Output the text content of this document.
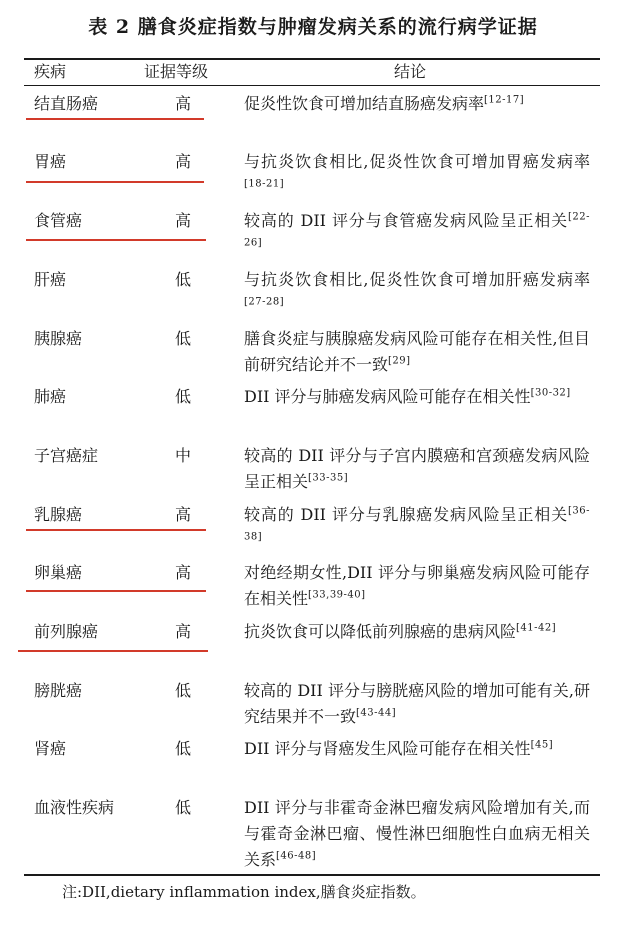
表 2 膳食炎症指数与肿瘤发病关系的流行病学证据
疾病	证据等级	结论
结直肠癌	高	促炎性饮食可增加结直肠癌发病率[12-17]
胃癌	高	与抗炎饮食相比,促炎性饮食可增加胃癌发病率[18-21]
食管癌	高	较高的 DII 评分与食管癌发病风险呈正相关[22-26]
肝癌	低	与抗炎饮食相比,促炎性饮食可增加肝癌发病率[27-28]
胰腺癌	低	膳食炎症与胰腺癌发病风险可能存在相关性,但目前研究结论并不一致[29]
肺癌	低	DII 评分与肺癌发病风险可能存在相关性[30-32]
子宫癌症	中	较高的 DII 评分与子宫内膜癌和宫颈癌发病风险呈正相关[33-35]
乳腺癌	高	较高的 DII 评分与乳腺癌发病风险呈正相关[36-38]
卵巢癌	高	对绝经期女性,DII 评分与卵巢癌发病风险可能存在相关性[33,39-40]
前列腺癌	高	抗炎饮食可以降低前列腺癌的患病风险[41-42]
膀胱癌	低	较高的 DII 评分与膀胱癌风险的增加可能有关,研究结果并不一致[43-44]
肾癌	低	DII 评分与肾癌发生风险可能存在相关性[45]
血液性疾病	低	DII 评分与非霍奇金淋巴瘤发病风险增加有关,而与霍奇金淋巴瘤、慢性淋巴细胞性白血病无相关关系[46-48]
注:DII,dietary inflammation index,膳食炎症指数。
